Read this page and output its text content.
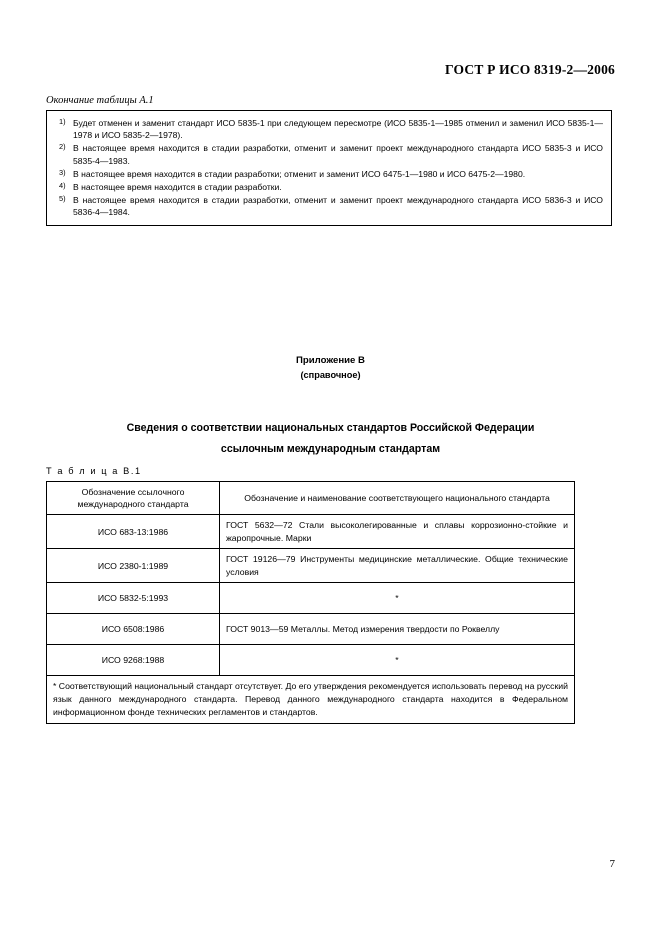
ГОСТ Р ИСО 8319-2—2006
Окончание таблицы А.1
$^{1)}$ Будет отменен и заменит стандарт ИСО 5835-1 при следующем пересмотре (ИСО 5835-1—1985 отменил и заменил ИСО 5835-1—1978 и ИСО 5835-2—1978).
$^{2)}$ В настоящее время находится в стадии разработки, отменит и заменит проект международного стандарта ИСО 5835-3 и ИСО 5835-4—1983.
$^{3)}$ В настоящее время находится в стадии разработки; отменит и заменит ИСО 6475-1—1980 и ИСО 6475-2—1980.
$^{4)}$ В настоящее время находится в стадии разработки.
$^{5)}$ В настоящее время находится в стадии разработки, отменит и заменит проект международного стандарта ИСО 5836-3 и ИСО 5836-4—1984.
Приложение В
(справочное)
Сведения о соответствии национальных стандартов Российской Федерации
ссылочным международным стандартам
Т а б л и ц а В.1
Обозначение ссылочного международного стандарта	Обозначение и наименование соответствующего национального стандарта
ИСО 683-13:1986	ГОСТ 5632—72 Стали высоколегированные и сплавы коррозионно-стойкие и жаропрочные. Марки
ИСО 2380-1:1989	ГОСТ 19126—79 Инструменты медицинские металлические. Общие технические условия
ИСО 5832-5:1993	*
ИСО 6508:1986	ГОСТ 9013—59 Металлы. Метод измерения твердости по Роквеллу
ИСО 9268:1988	*
* Соответствующий национальный стандарт отсутствует. До его утверждения рекомендуется использовать перевод на русский язык данного международного стандарта. Перевод данного международного стандарта находится в Федеральном информационном фонде технических регламентов и стандартов.	
7
